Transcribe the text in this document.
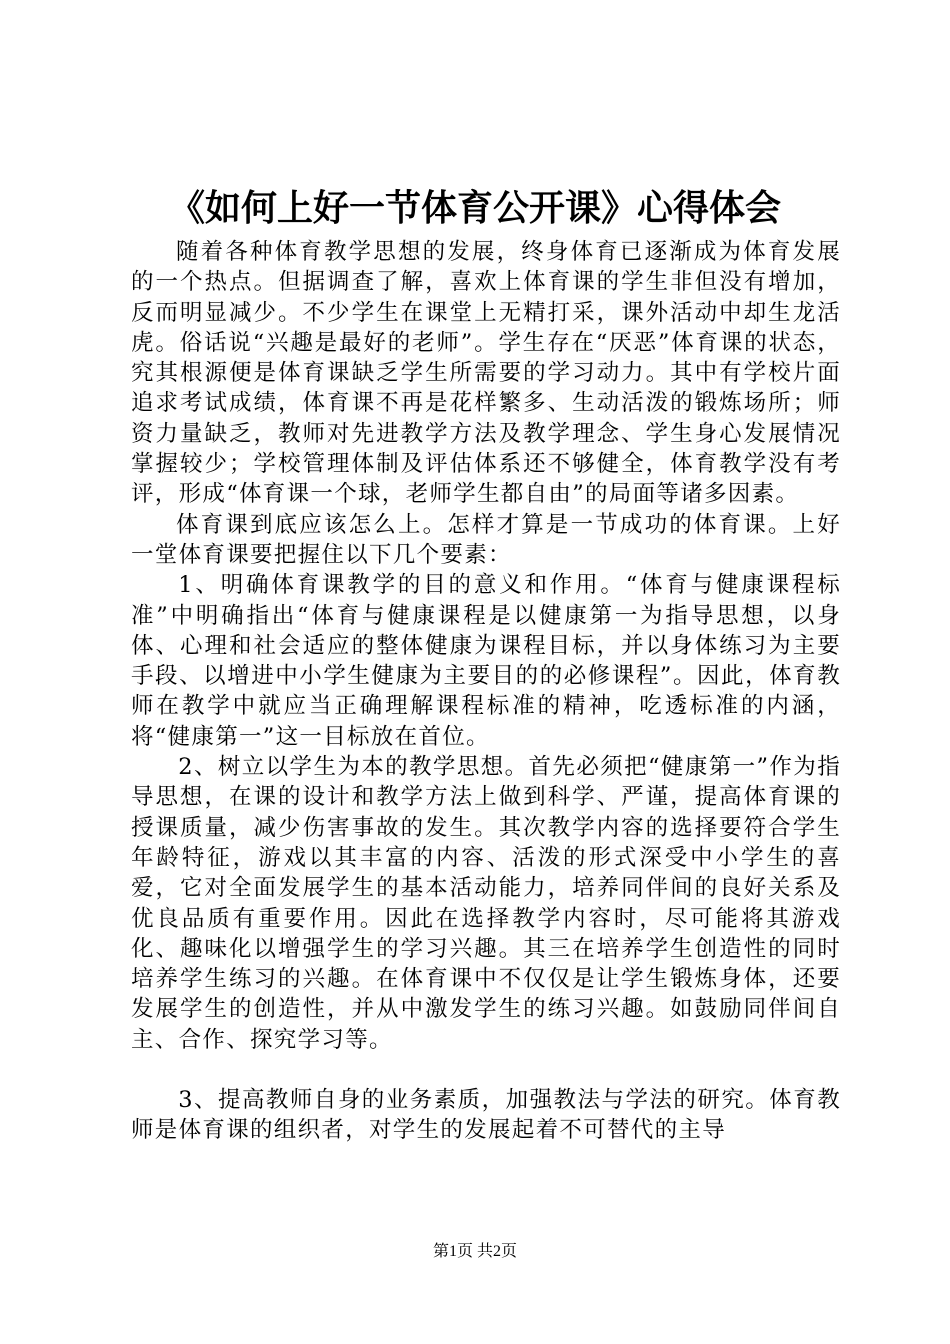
《如何上好一节体育公开课》心得体会

随着各种体育教学思想的发展，终身体育已逐渐成为体育发展的一个热点。但据调查了解，喜欢上体育课的学生非但没有增加，反而明显减少。不少学生在课堂上无精打采，课外活动中却生龙活虎。俗话说“兴趣是最好的老师”。学生存在“厌恶”体育课的状态，究其根源便是体育课缺乏学生所需要的学习动力。其中有学校片面追求考试成绩，体育课不再是花样繁多、生动活泼的锻炼场所；师资力量缺乏，教师对先进教学方法及教学理念、学生身心发展情况掌握较少；学校管理体制及评估体系还不够健全，体育教学没有考评，形成“体育课一个球，老师学生都自由”的局面等诸多因素。

体育课到底应该怎么上。怎样才算是一节成功的体育课。上好一堂体育课要把握住以下几个要素：

1、明确体育课教学的目的意义和作用。“体育与健康课程标准”中明确指出“体育与健康课程是以健康第一为指导思想，以身体、心理和社会适应的整体健康为课程目标，并以身体练习为主要手段、以增进中小学生健康为主要目的的必修课程”。因此，体育教师在教学中就应当正确理解课程标准的精神，吃透标准的内涵，将“健康第一”这一目标放在首位。

2、树立以学生为本的教学思想。首先必须把“健康第一”作为指导思想，在课的设计和教学方法上做到科学、严谨，提高体育课的授课质量，减少伤害事故的发生。其次教学内容的选择要符合学生年龄特征，游戏以其丰富的内容、活泼的形式深受中小学生的喜爱，它对全面发展学生的基本活动能力，培养同伴间的良好关系及优良品质有重要作用。因此在选择教学内容时，尽可能将其游戏化、趣味化以增强学生的学习兴趣。其三在培养学生创造性的同时培养学生练习的兴趣。在体育课中不仅仅是让学生锻炼身体，还要发展学生的创造性，并从中激发学生的练习兴趣。如鼓励同伴间自主、合作、探究学习等。

3、提高教师自身的业务素质，加强教法与学法的研究。体育教师是体育课的组织者，对学生的发展起着不可替代的主导

第1页 共2页
